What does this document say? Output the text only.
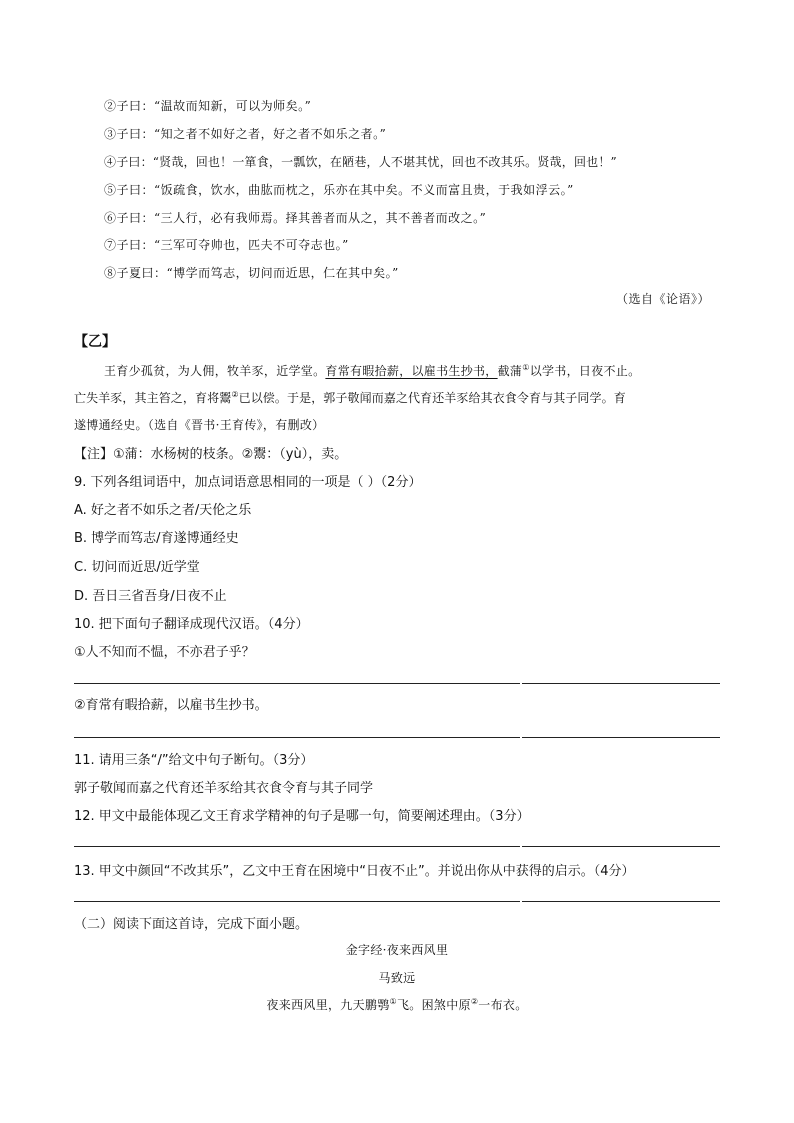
②子曰：“温故而知新，可以为师矣。”
③子曰：“知之者不如好之者，好之者不如乐之者。”
④子曰：“贤哉，回也！一箪食，一瓢饮，在陋巷，人不堪其忧，回也不改其乐。贤哉，回也！”
⑤子曰：“饭疏食，饮水，曲肱而枕之，乐亦在其中矣。不义而富且贵，于我如浮云。”
⑥子曰：“三人行，必有我师焉。择其善者而从之，其不善者而改之。”
⑦子曰：“三军可夺帅也，匹夫不可夺志也。”
⑧子夏曰：“博学而笃志，切问而近思，仁在其中矣。”
（选自《论语》）
【乙】
王育少孤贫，为人佣，牧羊豕，近学堂。育常有暇拾薪，以雇书生抄书，截蒲①以学书，日夜不止。
亡失羊豕，其主笞之，育将鬻②已以偿。于是，郭子敬闻而嘉之代育还羊豕给其衣食令育与其子同学。育
遂博通经史。（选自《晋书·王育传》，有删改）
【注】①蒲：水杨树的枝条。②鬻：（yù），卖。
9. 下列各组词语中，加点词语意思相同的一项是（ ）（2分）
A. 好之者不如乐之者/天伦之乐
B. 博学而笃志/育遂博通经史
C. 切问而近思/近学堂
D. 吾日三省吾身/日夜不止
10. 把下面句子翻译成现代汉语。（4分）
①人不知而不愠，不亦君子乎？
②育常有暇拾薪，以雇书生抄书。
11. 请用三条“/”给文中句子断句。（3分）
郭子敬闻而嘉之代育还羊豕给其衣食令育与其子同学
12. 甲文中最能体现乙文王育求学精神的句子是哪一句，简要阐述理由。（3分）
13. 甲文中颜回“不改其乐”，乙文中王育在困境中“日夜不止”。并说出你从中获得的启示。（4分）
（二）阅读下面这首诗，完成下面小题。
金字经·夜来西风里
马致远
夜来西风里，九天鹏鹗①飞。困煞中原②一布衣。
